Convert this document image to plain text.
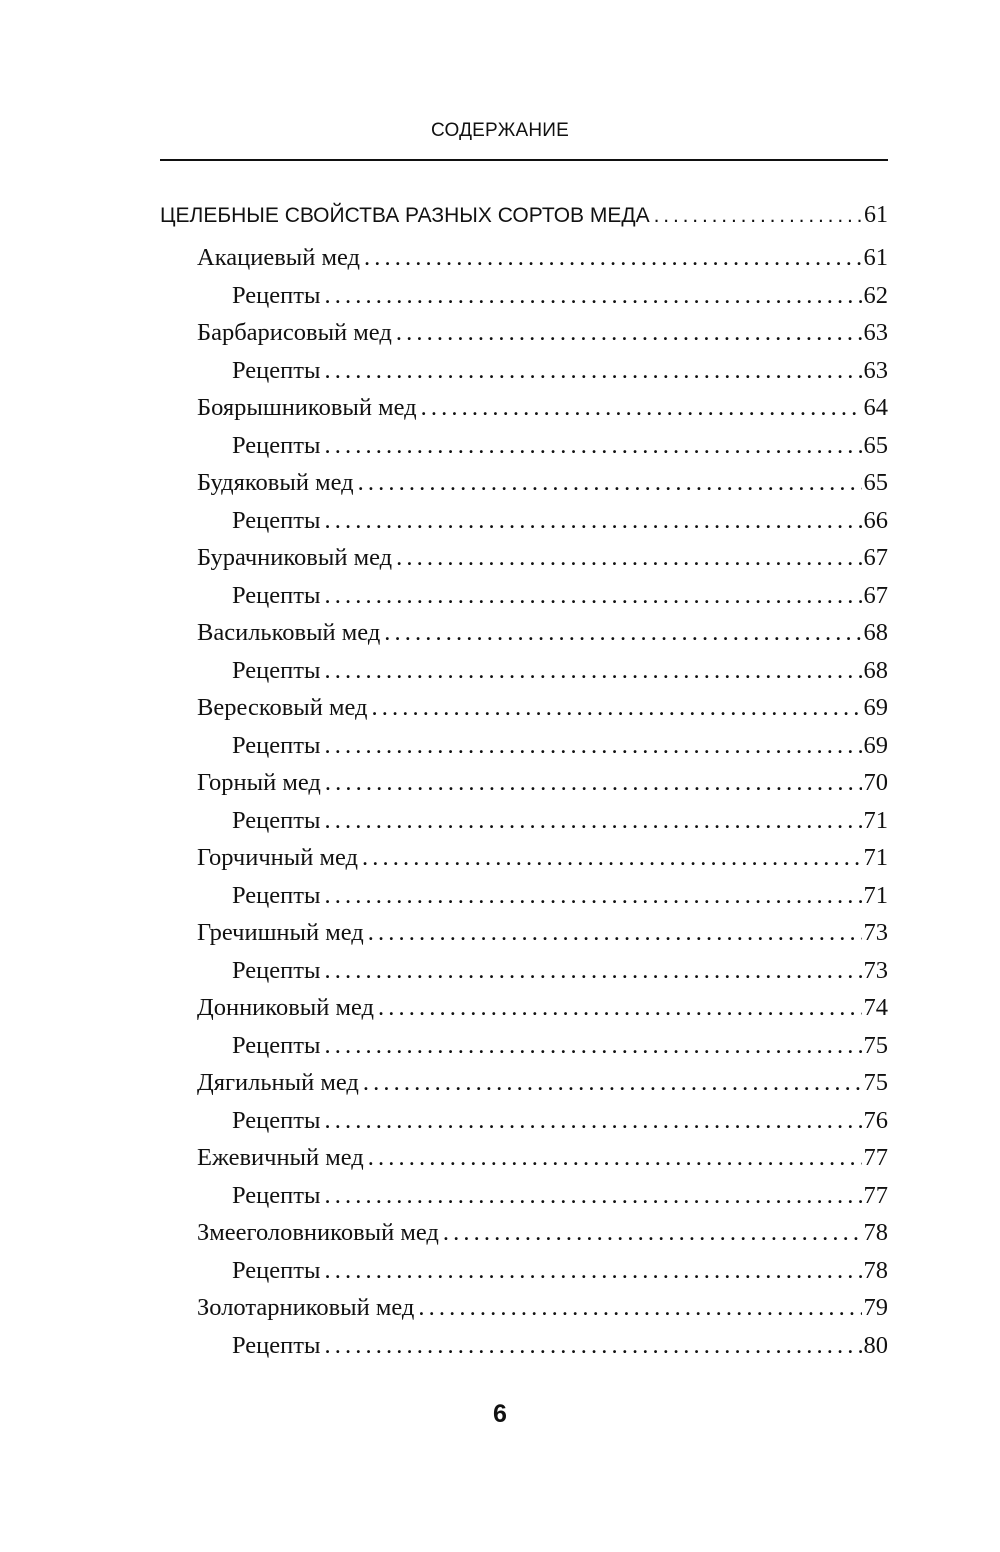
СОДЕРЖАНИЕ
ЦЕЛЕБНЫЕ СВОЙСТВА РАЗНЫХ СОРТОВ МЕДА . . .	61
Акациевый мед . . .	61
Рецепты . . .	62
Барбарисовый мед . . .	63
Рецепты . . .	63
Боярышниковый мед . . .	64
Рецепты . . .	65
Будяковый мед . . .	65
Рецепты . . .	66
Бурачниковый мед . . .	67
Рецепты . . .	67
Васильковый мед . . .	68
Рецепты . . .	68
Вересковый мед . . .	69
Рецепты . . .	69
Горный мед . . .	70
Рецепты . . .	71
Горчичный мед . . .	71
Рецепты . . .	71
Гречишный мед . . .	73
Рецепты . . .	73
Донниковый мед . . .	74
Рецепты . . .	75
Дягильный мед . . .	75
Рецепты . . .	76
Ежевичный мед . . .	77
Рецепты . . .	77
Змееголовниковый мед . . .	78
Рецепты . . .	78
Золотарниковый мед . . .	79
Рецепты . . .	80
6
